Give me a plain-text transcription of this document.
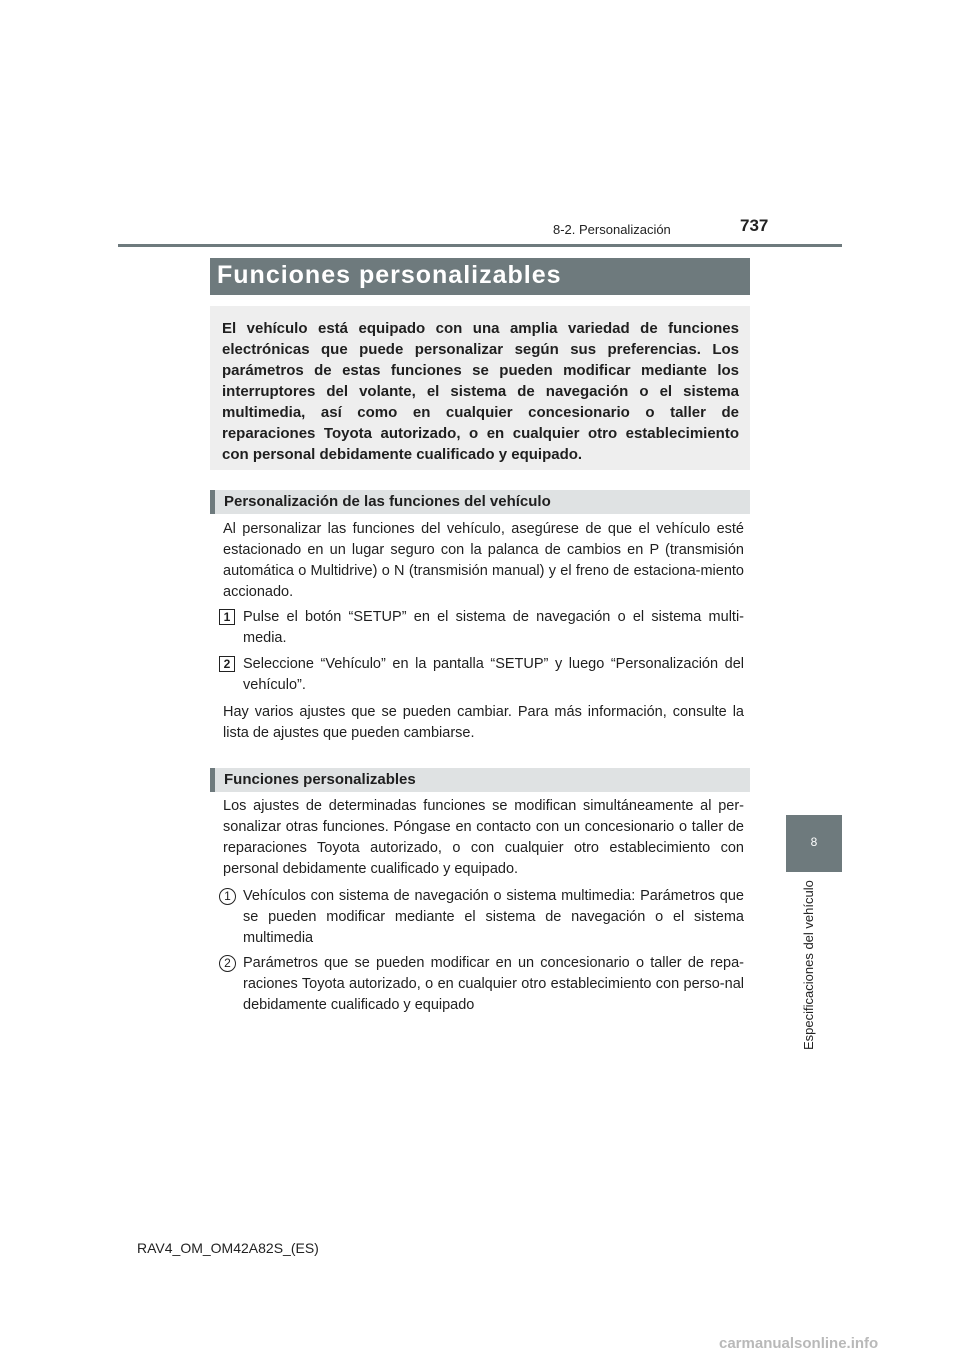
8-2. Personalización	737
Funciones personalizables
El vehículo está equipado con una amplia variedad de funciones electrónicas que puede personalizar según sus preferencias. Los parámetros de estas funciones se pueden modificar mediante los interruptores del volante, el sistema de navegación o el sistema multimedia, así como en cualquier concesionario o taller de reparaciones Toyota autorizado, o en cualquier otro establecimiento con personal debidamente cualificado y equipado.
Personalización de las funciones del vehículo
Al personalizar las funciones del vehículo, asegúrese de que el vehículo esté estacionado en un lugar seguro con la palanca de cambios en P (transmisión automática o Multidrive) o N (transmisión manual) y el freno de estaciona-miento accionado.
1 Pulse el botón “SETUP” en el sistema de navegación o el sistema multi-media.
2 Seleccione “Vehículo” en la pantalla “SETUP” y luego “Personalización del vehículo”.
Hay varios ajustes que se pueden cambiar. Para más información, consulte la lista de ajustes que pueden cambiarse.
Funciones personalizables
Los ajustes de determinadas funciones se modifican simultáneamente al per-sonalizar otras funciones. Póngase en contacto con un concesionario o taller de reparaciones Toyota autorizado, o con cualquier otro establecimiento con personal debidamente cualificado y equipado.
1 Vehículos con sistema de navegación o sistema multimedia: Parámetros que se pueden modificar mediante el sistema de navegación o el sistema multimedia
2 Parámetros que se pueden modificar en un concesionario o taller de repa-raciones Toyota autorizado, o en cualquier otro establecimiento con perso-nal debidamente cualificado y equipado
8
Especificaciones del vehículo
RAV4_OM_OM42A82S_(ES)
carmanualsonline.info
